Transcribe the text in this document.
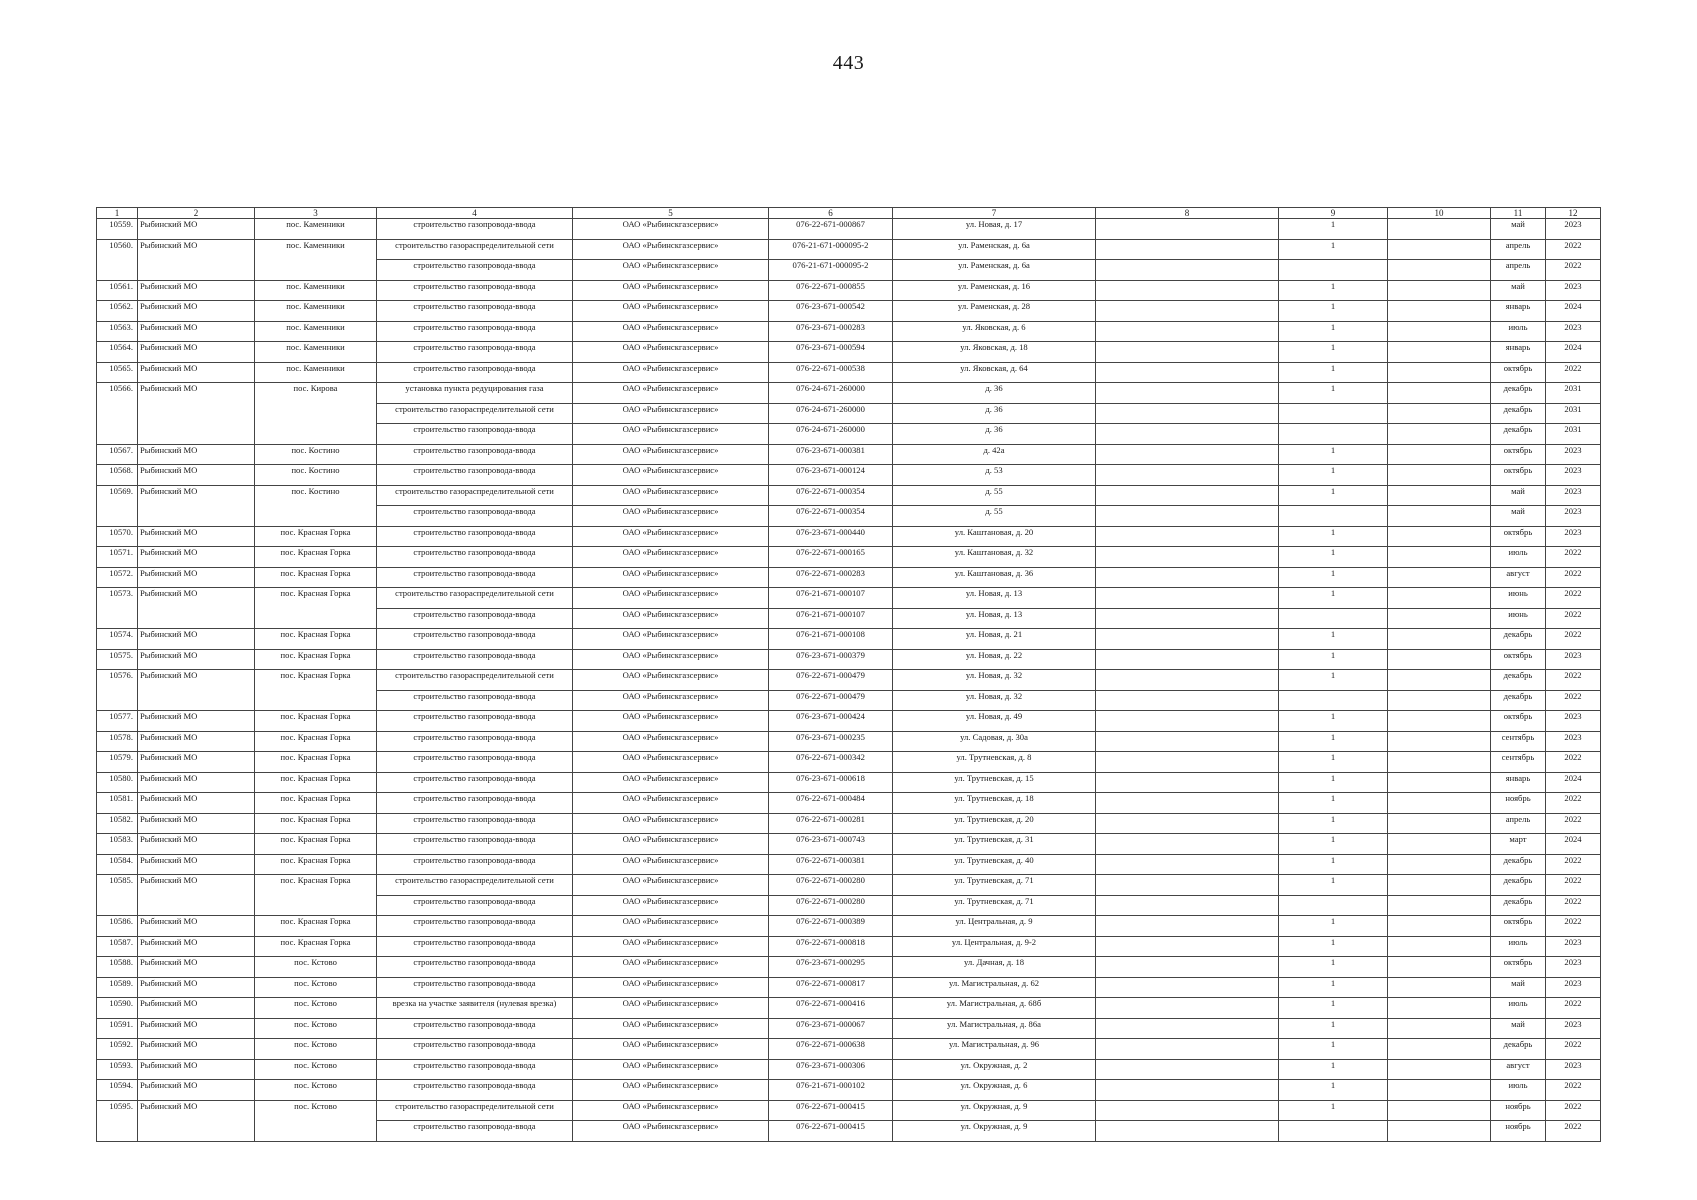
443
1	2	3	4	5	6	7	8	9	10	11	12
10559.	Рыбинский МО	пос. Каменники	строительство газопровода-ввода	ОАО «Рыбинскгазсервис»	076-22-671-000867	ул. Новая, д. 17		1		май	2023
10560.	Рыбинский МО	пос. Каменники	строительство газораспределительной сети	ОАО «Рыбинскгазсервис»	076-21-671-000095-2	ул. Раменская, д. 6а		1		апрель	2022
			строительство газопровода-ввода	ОАО «Рыбинскгазсервис»	076-21-671-000095-2	ул. Раменская, д. 6а				апрель	2022
10561.	Рыбинский МО	пос. Каменники	строительство газопровода-ввода	ОАО «Рыбинскгазсервис»	076-22-671-000855	ул. Раменская, д. 16		1		май	2023
10562.	Рыбинский МО	пос. Каменники	строительство газопровода-ввода	ОАО «Рыбинскгазсервис»	076-23-671-000542	ул. Раменская, д. 28		1		январь	2024
10563.	Рыбинский МО	пос. Каменники	строительство газопровода-ввода	ОАО «Рыбинскгазсервис»	076-23-671-000283	ул. Яковская, д. 6		1		июль	2023
10564.	Рыбинский МО	пос. Каменники	строительство газопровода-ввода	ОАО «Рыбинскгазсервис»	076-23-671-000594	ул. Яковская, д. 18		1		январь	2024
10565.	Рыбинский МО	пос. Каменники	строительство газопровода-ввода	ОАО «Рыбинскгазсервис»	076-22-671-000538	ул. Яковская, д. 64		1		октябрь	2022
10566.	Рыбинский МО	пос. Кирова	установка пункта редуцирования газа	ОАО «Рыбинскгазсервис»	076-24-671-260000	д. 36		1		декабрь	2031
			строительство газораспределительной сети	ОАО «Рыбинскгазсервис»	076-24-671-260000	д. 36				декабрь	2031
			строительство газопровода-ввода	ОАО «Рыбинскгазсервис»	076-24-671-260000	д. 36				декабрь	2031
10567.	Рыбинский МО	пос. Костино	строительство газопровода-ввода	ОАО «Рыбинскгазсервис»	076-23-671-000381	д. 42а		1		октябрь	2023
10568.	Рыбинский МО	пос. Костино	строительство газопровода-ввода	ОАО «Рыбинскгазсервис»	076-23-671-000124	д. 53		1		октябрь	2023
10569.	Рыбинский МО	пос. Костино	строительство газораспределительной сети	ОАО «Рыбинскгазсервис»	076-22-671-000354	д. 55		1		май	2023
			строительство газопровода-ввода	ОАО «Рыбинскгазсервис»	076-22-671-000354	д. 55				май	2023
10570.	Рыбинский МО	пос. Красная Горка	строительство газопровода-ввода	ОАО «Рыбинскгазсервис»	076-23-671-000440	ул. Каштановая, д. 20		1		октябрь	2023
10571.	Рыбинский МО	пос. Красная Горка	строительство газопровода-ввода	ОАО «Рыбинскгазсервис»	076-22-671-000165	ул. Каштановая, д. 32		1		июль	2022
10572.	Рыбинский МО	пос. Красная Горка	строительство газопровода-ввода	ОАО «Рыбинскгазсервис»	076-22-671-000283	ул. Каштановая, д. 36		1		август	2022
10573.	Рыбинский МО	пос. Красная Горка	строительство газораспределительной сети	ОАО «Рыбинскгазсервис»	076-21-671-000107	ул. Новая, д. 13		1		июнь	2022
			строительство газопровода-ввода	ОАО «Рыбинскгазсервис»	076-21-671-000107	ул. Новая, д. 13				июнь	2022
10574.	Рыбинский МО	пос. Красная Горка	строительство газопровода-ввода	ОАО «Рыбинскгазсервис»	076-21-671-000108	ул. Новая, д. 21		1		декабрь	2022
10575.	Рыбинский МО	пос. Красная Горка	строительство газопровода-ввода	ОАО «Рыбинскгазсервис»	076-23-671-000379	ул. Новая, д. 22		1		октябрь	2023
10576.	Рыбинский МО	пос. Красная Горка	строительство газораспределительной сети	ОАО «Рыбинскгазсервис»	076-22-671-000479	ул. Новая, д. 32		1		декабрь	2022
			строительство газопровода-ввода	ОАО «Рыбинскгазсервис»	076-22-671-000479	ул. Новая, д. 32				декабрь	2022
10577.	Рыбинский МО	пос. Красная Горка	строительство газопровода-ввода	ОАО «Рыбинскгазсервис»	076-23-671-000424	ул. Новая, д. 49		1		октябрь	2023
10578.	Рыбинский МО	пос. Красная Горка	строительство газопровода-ввода	ОАО «Рыбинскгазсервис»	076-23-671-000235	ул. Садовая, д. 30а		1		сентябрь	2023
10579.	Рыбинский МО	пос. Красная Горка	строительство газопровода-ввода	ОАО «Рыбинскгазсервис»	076-22-671-000342	ул. Трутневская, д. 8		1		сентябрь	2022
10580.	Рыбинский МО	пос. Красная Горка	строительство газопровода-ввода	ОАО «Рыбинскгазсервис»	076-23-671-000618	ул. Трутневская, д. 15		1		январь	2024
10581.	Рыбинский МО	пос. Красная Горка	строительство газопровода-ввода	ОАО «Рыбинскгазсервис»	076-22-671-000484	ул. Трутневская, д. 18		1		ноябрь	2022
10582.	Рыбинский МО	пос. Красная Горка	строительство газопровода-ввода	ОАО «Рыбинскгазсервис»	076-22-671-000281	ул. Трутневская, д. 20		1		апрель	2022
10583.	Рыбинский МО	пос. Красная Горка	строительство газопровода-ввода	ОАО «Рыбинскгазсервис»	076-23-671-000743	ул. Трутневская, д. 31		1		март	2024
10584.	Рыбинский МО	пос. Красная Горка	строительство газопровода-ввода	ОАО «Рыбинскгазсервис»	076-22-671-000381	ул. Трутневская, д. 40		1		декабрь	2022
10585.	Рыбинский МО	пос. Красная Горка	строительство газораспределительной сети	ОАО «Рыбинскгазсервис»	076-22-671-000280	ул. Трутневская, д. 71		1		декабрь	2022
			строительство газопровода-ввода	ОАО «Рыбинскгазсервис»	076-22-671-000280	ул. Трутневская, д. 71				декабрь	2022
10586.	Рыбинский МО	пос. Красная Горка	строительство газопровода-ввода	ОАО «Рыбинскгазсервис»	076-22-671-000389	ул. Центральная, д. 9		1		октябрь	2022
10587.	Рыбинский МО	пос. Красная Горка	строительство газопровода-ввода	ОАО «Рыбинскгазсервис»	076-22-671-000818	ул. Центральная, д. 9-2		1		июль	2023
10588.	Рыбинский МО	пос. Кстово	строительство газопровода-ввода	ОАО «Рыбинскгазсервис»	076-23-671-000295	ул. Дачная, д. 18		1		октябрь	2023
10589.	Рыбинский МО	пос. Кстово	строительство газопровода-ввода	ОАО «Рыбинскгазсервис»	076-22-671-000817	ул. Магистральная, д. 62		1		май	2023
10590.	Рыбинский МО	пос. Кстово	врезка на участке заявителя (нулевая врезка)	ОАО «Рыбинскгазсервис»	076-22-671-000416	ул. Магистральная, д. 68б		1		июль	2022
10591.	Рыбинский МО	пос. Кстово	строительство газопровода-ввода	ОАО «Рыбинскгазсервис»	076-23-671-000067	ул. Магистральная, д. 86а		1		май	2023
10592.	Рыбинский МО	пос. Кстово	строительство газопровода-ввода	ОАО «Рыбинскгазсервис»	076-22-671-000638	ул. Магистральная, д. 96		1		декабрь	2022
10593.	Рыбинский МО	пос. Кстово	строительство газопровода-ввода	ОАО «Рыбинскгазсервис»	076-23-671-000306	ул. Окружная, д. 2		1		август	2023
10594.	Рыбинский МО	пос. Кстово	строительство газопровода-ввода	ОАО «Рыбинскгазсервис»	076-21-671-000102	ул. Окружная, д. 6		1		июль	2022
10595.	Рыбинский МО	пос. Кстово	строительство газораспределительной сети	ОАО «Рыбинскгазсервис»	076-22-671-000415	ул. Окружная, д. 9		1		ноябрь	2022
			строительство газопровода-ввода	ОАО «Рыбинскгазсервис»	076-22-671-000415	ул. Окружная, д. 9				ноябрь	2022
